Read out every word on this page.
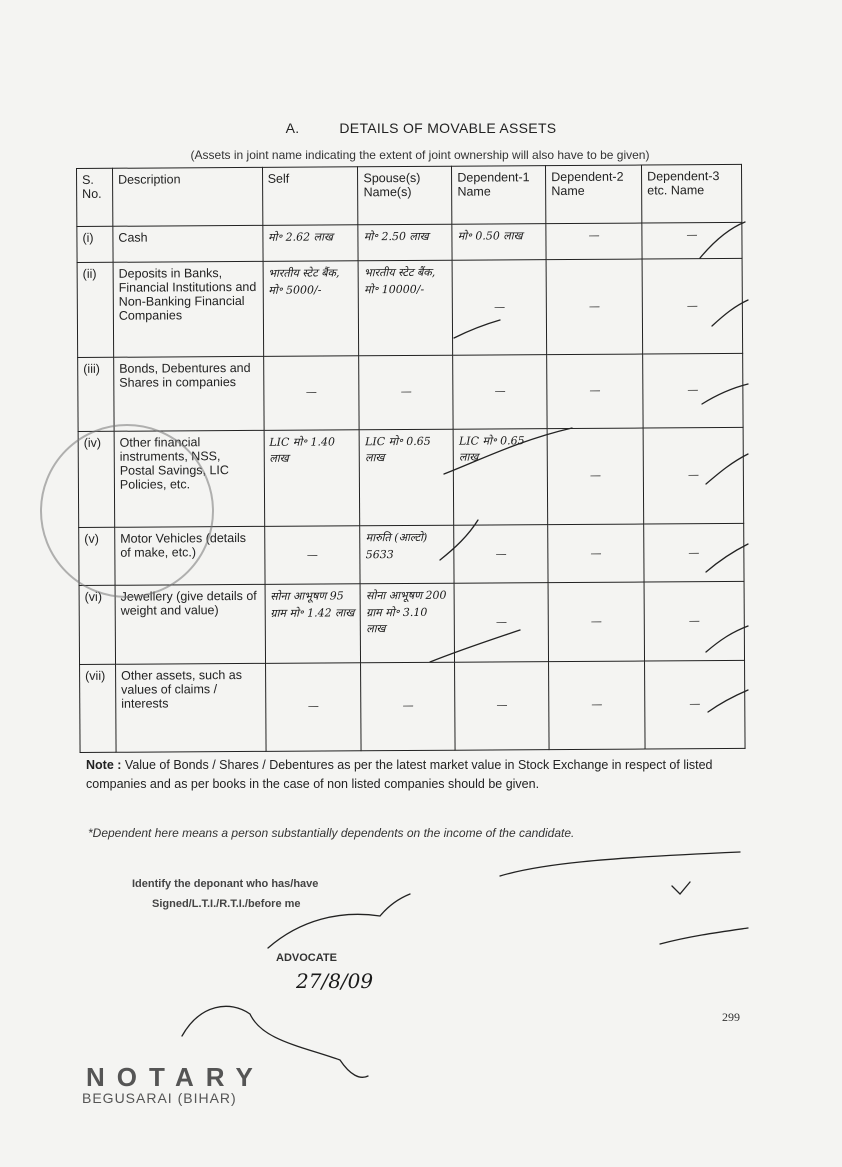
A.	DETAILS OF MOVABLE ASSETS
(Assets in joint name indicating the extent of joint ownership will also have to be given)
S. No.	Description	Self	Spouse(s) Name(s)	Dependent-1 Name	Dependent-2 Name	Dependent-3 etc. Name
(i)	Cash	मो॰ 2.62 लाख	मो॰ 2.50 लाख	मो॰ 0.50 लाख	—	—
(ii)	Deposits in Banks, Financial Institutions and Non-Banking Financial Companies	भारतीय स्टेट बैंक, मो॰ 5000/-	भारतीय स्टेट बैंक, मो॰ 10000/-	—	—	—
(iii)	Bonds, Debentures and Shares in companies	—	—	—	—	—
(iv)	Other financial instruments, NSS, Postal Savings, LIC Policies, etc.	LIC मो॰ 1.40 लाख	LIC मो॰ 0.65 लाख	LIC मो॰ 0.65 लाख	—	—
(v)	Motor Vehicles (details of make, etc.)	—	मारुति (आल्टो) 5633	—	—	—
(vi)	Jewellery (give details of weight and value)	सोना आभूषण 95 ग्राम मो॰ 1.42 लाख	सोना आभूषण 200 ग्राम मो॰ 3.10 लाख	—	—	—
(vii)	Other assets, such as values of claims / interests	—	—	—	—	—
Note : Value of Bonds / Shares / Debentures as per the latest market value in Stock Exchange in respect of listed companies and as per books in the case of non listed companies should be given.
*Dependent here means a person substantially dependents on the income of the candidate.
Identify the deponant who has/have
Signed/L.T.I./R.T.I./before me
ADVOCATE
27/8/09
299
NOTARY
BEGUSARAI (BIHAR)
